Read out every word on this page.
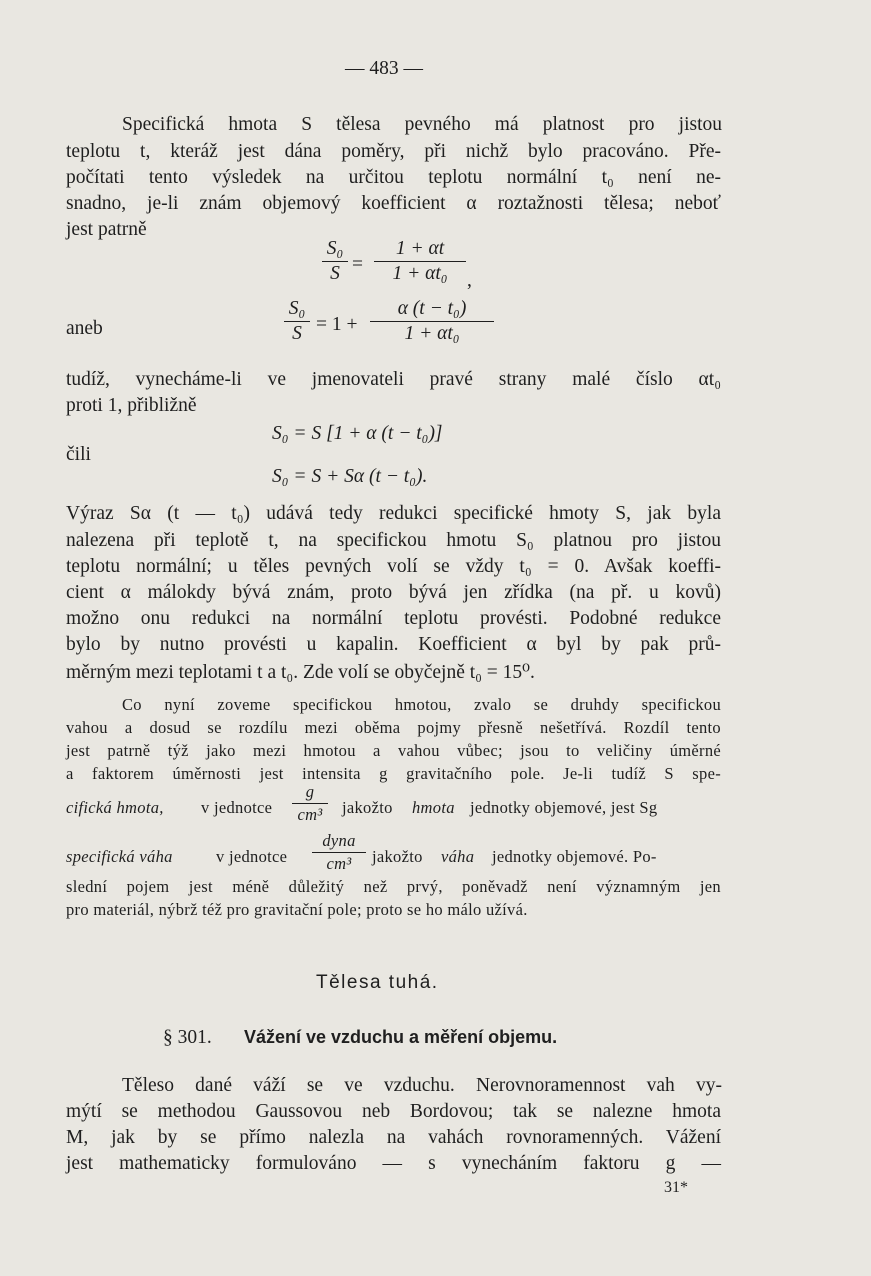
— 483 —
Specifická hmota S tělesa pevného má platnost pro jistou
teplotu t, kteráž jest dána poměry, při nichž bylo pracováno. Pře-
počítati tento výsledek na určitou teplotu normální t₀ není ne-
snadno, je-li znám objemový koefficient α roztažnosti tělesa; neboť
jest patrně
S₀
S =
1 + αt
1 + αt₀ ,
aneb
S₀
S = 1 +
α (t − t₀)
1 + αt₀
tudíž, vynecháme-li ve jmenovateli pravé strany malé číslo αt₀
proti 1, přibližně
S₀ = S [1 + α (t − t₀)]
čili
S₀ = S + Sα (t − t₀).
Výraz Sα (t — t₀) udává tedy redukci specifické hmoty S, jak byla
nalezena při teplotě t, na specifickou hmotu S₀ platnou pro jistou
teplotu normální; u těles pevných volí se vždy t₀ = 0. Avšak koeffi-
cient α málokdy bývá znám, proto bývá jen zřídka (na př. u kovů)
možno onu redukci na normální teplotu provésti. Podobné redukce
bylo by nutno provésti u kapalin. Koefficient α byl by pak prů-
měrným mezi teplotami t a t₀. Zde volí se obyčejně t₀ = 15⁰.
Co nyní zoveme specifickou hmotou, zvalo se druhdy specifickou
vahou a dosud se rozdílu mezi oběma pojmy přesně nešetřívá. Rozdíl tento
jest patrně týž jako mezi hmotou a vahou vůbec; jsou to veličiny úměrné
a faktorem úměrnosti jest intensita g gravitačního pole. Je-li tudíž S spe-
cifická hmota, v jednotce
g
cm³	jakožto hmota jednotky objemové, jest Sg
specifická váha	v jednotce
dyna
cm³	jakožto váha jednotky objemové. Po-
slední pojem jest méně důležitý než prvý, poněvadž není významným jen
pro materiál, nýbrž též pro gravitační pole; proto se ho málo užívá.
Tělesa tuhá.
§ 301. Vážení ve vzduchu a měření objemu.
Těleso dané váží se ve vzduchu. Nerovnoramennost vah vy-
mýtí se methodou Gaussovou neb Bordovou; tak se nalezne hmota
M, jak by se přímo nalezla na vahách rovnoramenných. Vážení
jest mathematicky formulováno — s vynecháním faktoru g —
31*
